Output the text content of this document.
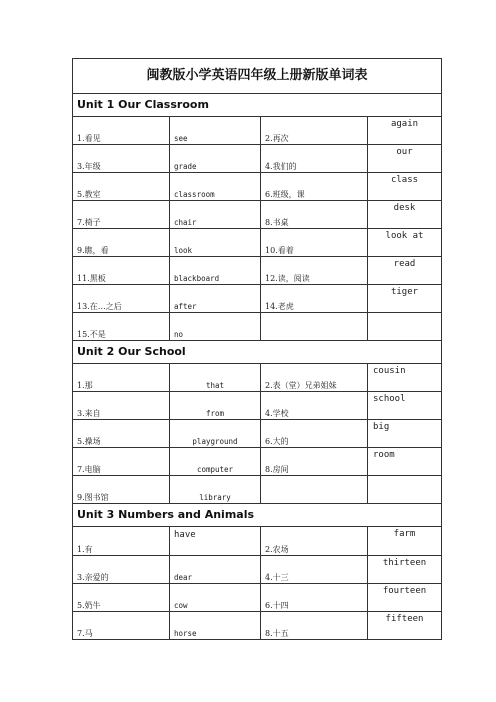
闽教版小学英语四年级上册新版单词表			
Unit 1 Our Classroom			
1.看见	see	2.再次	again
3.年级	grade	4.我们的	our
5.教室	classroom	6.班级，课	class
7.椅子	chair	8.书桌	desk
9.瞧，看	look	10.看着	look at
11.黑板	blackboard	12.读，阅读	read
13.在…之后	after	14.老虎	tiger
15.不是	no		
Unit 2 Our School			
1.那	that	2.表（堂）兄弟姐妹	cousin
3.来自	from	4.学校	school
5.操场	playground	6.大的	big
7.电脑	computer	8.房间	room
9.图书馆	library		
Unit 3 Numbers and Animals			
1.有	have	2.农场	farm
3.亲爱的	dear	4.十三	thirteen
5.奶牛	cow	6.十四	fourteen
7.马	horse	8.十五	fifteen
